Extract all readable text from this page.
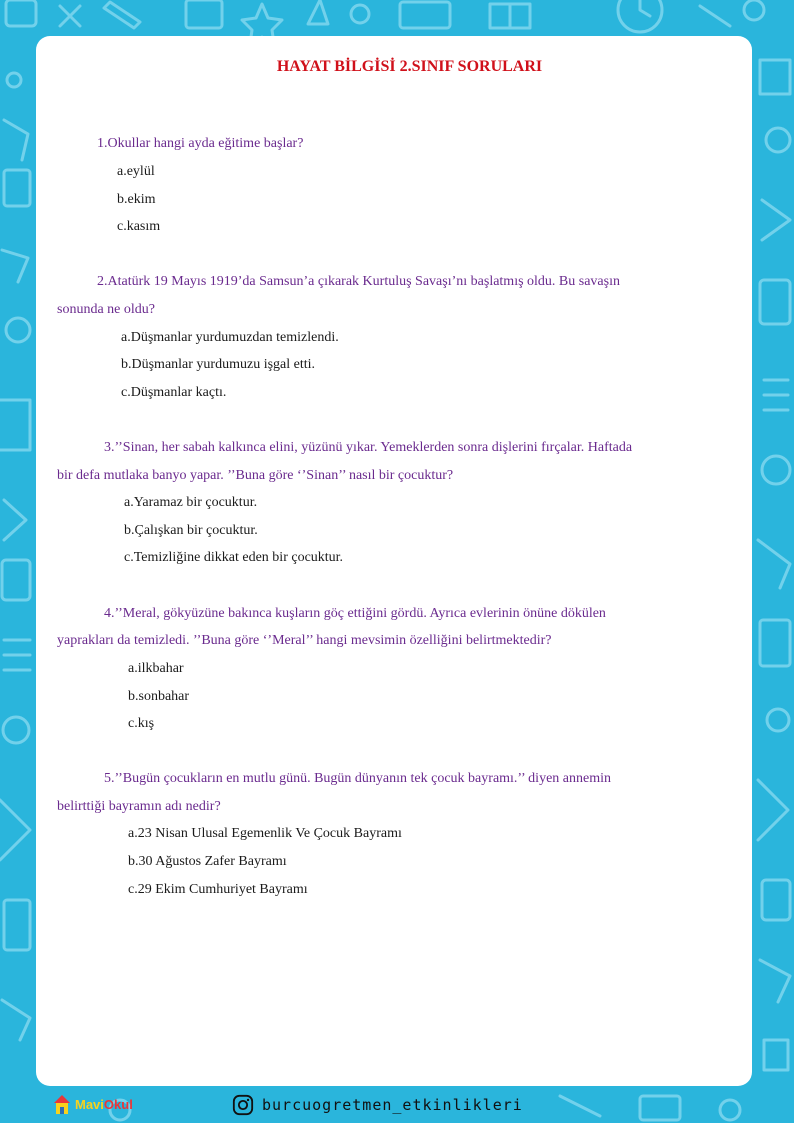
HAYAT BİLGİSİ 2.SINIF SORULARI
1.Okullar hangi ayda eğitime başlar?
a.eylül
b.ekim
c.kasım
2.Atatürk 19 Mayıs 1919’da Samsun’a çıkarak Kurtuluş Savaşı’nı başlatmış oldu. Bu savaşın
sonunda ne oldu?
a.Düşmanlar yurdumuzdan temizlendi.
b.Düşmanlar yurdumuzu işgal etti.
c.Düşmanlar kaçtı.
3.’’Sinan, her sabah kalkınca elini, yüzünü yıkar. Yemeklerden sonra dişlerini fırçalar. Haftada
bir defa mutlaka banyo yapar. ’’Buna göre ‘’Sinan’’ nasıl bir çocuktur?
a.Yaramaz bir çocuktur.
b.Çalışkan bir çocuktur.
c.Temizliğine dikkat eden bir çocuktur.
4.’’Meral, gökyüzüne bakınca kuşların göç ettiğini gördü. Ayrıca evlerinin önüne dökülen
yaprakları da temizledi. ’’Buna göre ‘’Meral’’ hangi mevsimin özelliğini belirtmektedir?
a.ilkbahar
b.sonbahar
c.kış
5.’’Bugün çocukların en mutlu günü. Bugün dünyanın tek çocuk bayramı.’’ diyen annemin
belirttiği bayramın adı nedir?
a.23 Nisan Ulusal Egemenlik Ve Çocuk Bayramı
b.30 Ağustos Zafer Bayramı
c.29 Ekim Cumhuriyet Bayramı
MaviOkul	burcuogretmen_etkinlikleri
